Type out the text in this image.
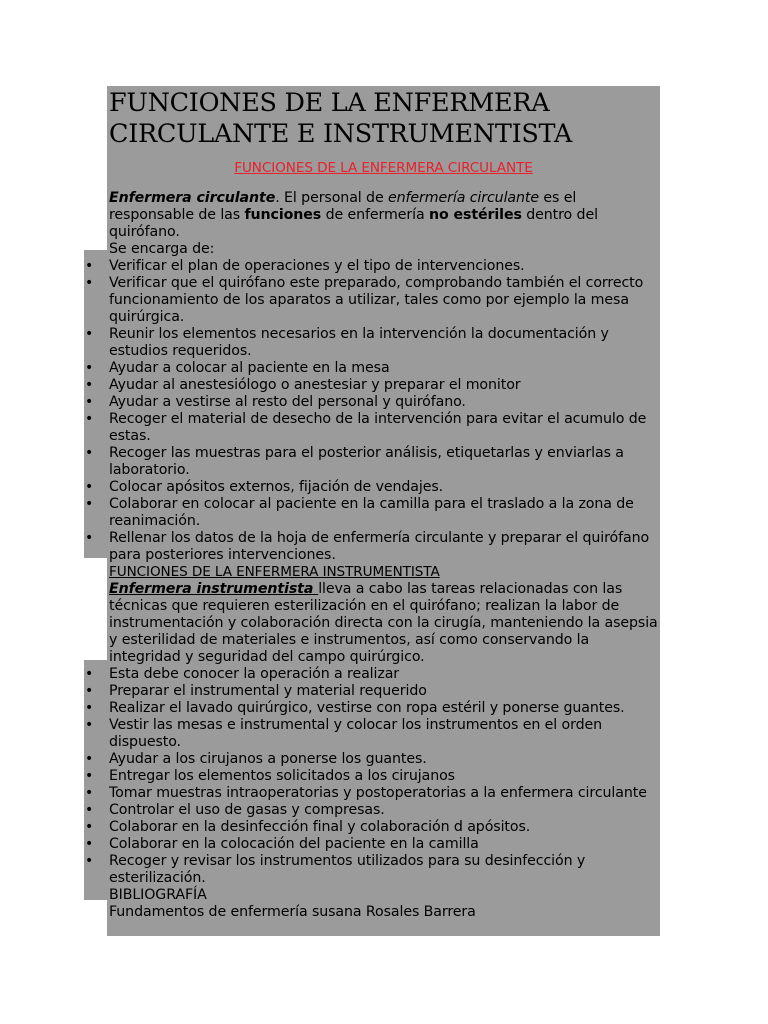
FUNCIONES DE LA ENFERMERA
CIRCULANTE E INSTRUMENTISTA
FUNCIONES DE LA ENFERMERA CIRCULANTE

Enfermera circulante. El personal de enfermería circulante es el responsable de las funciones de enfermería no estériles dentro del quirófano.

Se encarga de:

• Verificar el plan de operaciones y el tipo de intervenciones.
• Verificar que el quirófano este preparado, comprobando también el correcto funcionamiento de los aparatos a utilizar, tales como por ejemplo la mesa quirúrgica.
• Reunir los elementos necesarios en la intervención la documentación y estudios requeridos.
• Ayudar a colocar al paciente en la mesa
• Ayudar al anestesiólogo o anestesiar y preparar el monitor
• Ayudar a vestirse al resto del personal y quirófano.
• Recoger el material de desecho de la intervención para evitar el acumulo de estas.
• Recoger las muestras para el posterior análisis, etiquetarlas y enviarlas a laboratorio.
• Colocar apósitos externos, fijación de vendajes.
• Colaborar en colocar al paciente en la camilla para el traslado a la zona de reanimación.
• Rellenar los datos de la hoja de enfermería circulante y preparar el quirófano para posteriores intervenciones.
FUNCIONES DE LA ENFERMERA INSTRUMENTISTA

Enfermera instrumentista lleva a cabo las tareas relacionadas con las técnicas que requieren esterilización en el quirófano; realizan la labor de instrumentación y colaboración directa con la cirugía, manteniendo la asepsia y esterilidad de materiales e instrumentos, así como conservando la integridad y seguridad del campo quirúrgico.

• Esta debe conocer la operación a realizar
• Preparar el instrumental y material requerido
• Realizar el lavado quirúrgico, vestirse con ropa estéril y ponerse guantes.
• Vestir las mesas e instrumental y colocar los instrumentos en el orden dispuesto.
• Ayudar a los cirujanos a ponerse los guantes.
• Entregar los elementos solicitados a los cirujanos
• Tomar muestras intraoperatorias y postoperatorias a la enfermera circulante
• Controlar el uso de gasas y compresas.
• Colaborar en la desinfección final y colaboración d apósitos.
• Colaborar en la colocación del paciente en la camilla
• Recoger y revisar los instrumentos utilizados para su desinfección y esterilización.

BIBLIOGRAFÍA

Fundamentos de enfermería susana Rosales Barrera
